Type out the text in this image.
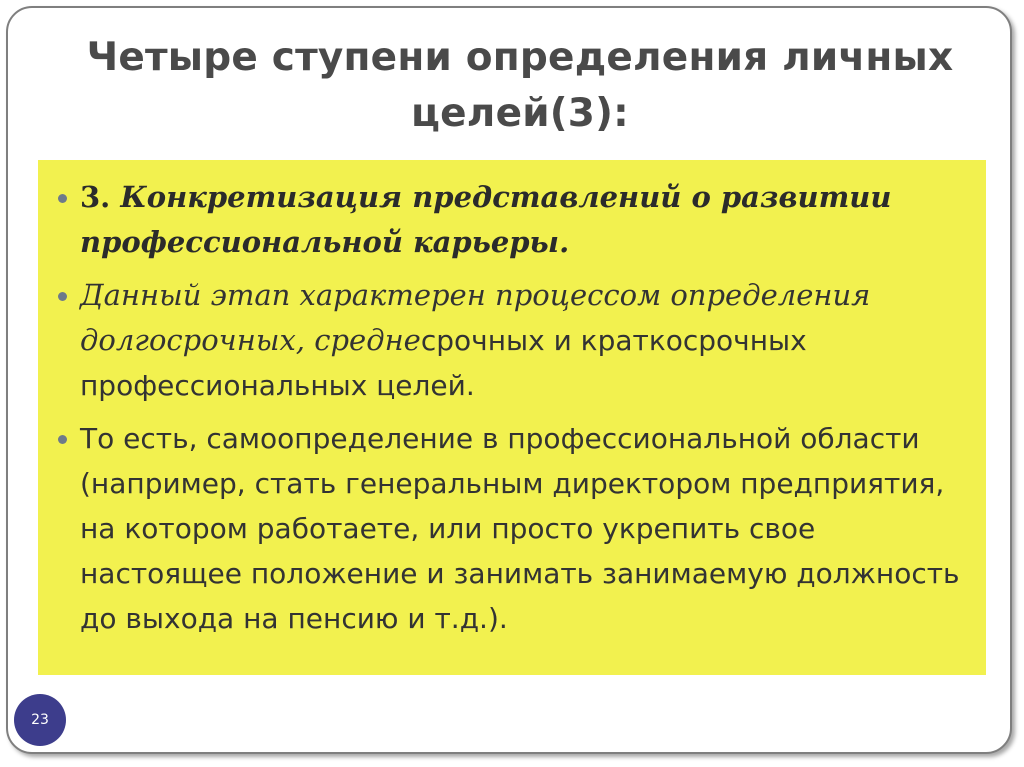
Четыре ступени определения личных
целей(3):
3. Конкретизация представлений о развитии профессиональной карьеры.
Данный этап характерен процессом определения долгосрочных, среднесрочных и краткосрочных профессиональных целей.
То есть, самоопределение в профессиональной области (например, стать генеральным директором предприятия, на котором работаете, или просто укрепить свое настоящее положение и занимать занимаемую должность до выхода на пенсию и т.д.).
23
